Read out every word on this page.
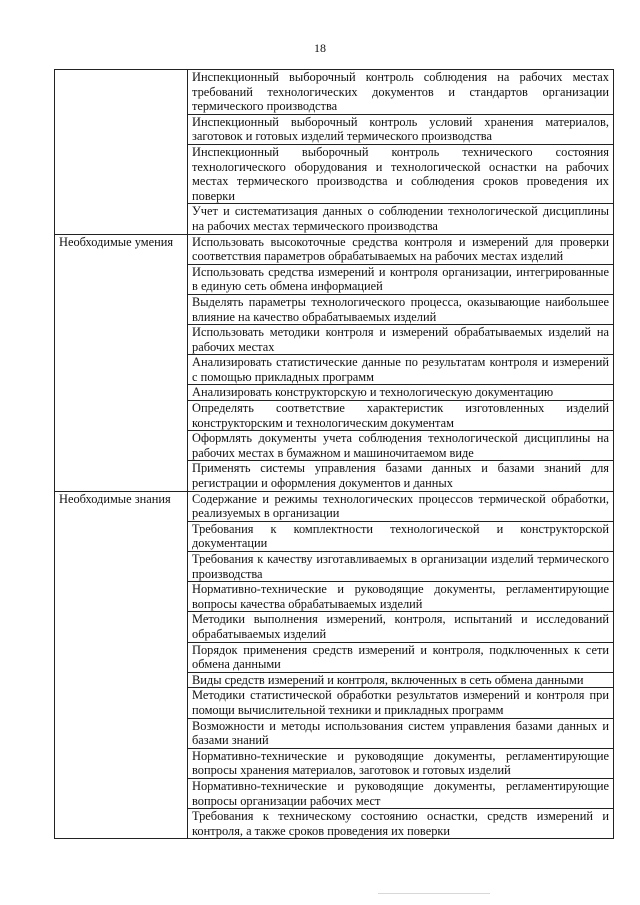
18
	Инспекционный выборочный контроль соблюдения на рабочих местах требований технологических документов и стандартов организации термического производства
	Инспекционный выборочный контроль условий хранения материалов, заготовок и готовых изделий термического производства
	Инспекционный выборочный контроль технического состояния технологического оборудования и технологической оснастки на рабочих местах термического производства и соблюдения сроков проведения их поверки
	Учет и систематизация данных о соблюдении технологической дисциплины на рабочих местах термического производства
Необходимые умения	Использовать высокоточные средства контроля и измерений для проверки соответствия параметров обрабатываемых на рабочих местах изделий
	Использовать средства измерений и контроля организации, интегрированные в единую сеть обмена информацией
	Выделять параметры технологического процесса, оказывающие наибольшее влияние на качество обрабатываемых изделий
	Использовать методики контроля и измерений обрабатываемых изделий на рабочих местах
	Анализировать статистические данные по результатам контроля и измерений с помощью прикладных программ
	Анализировать конструкторскую и технологическую документацию
	Определять соответствие характеристик изготовленных изделий конструкторским и технологическим документам
	Оформлять документы учета соблюдения технологической дисциплины на рабочих местах в бумажном и машиночитаемом виде
	Применять системы управления базами данных и базами знаний для регистрации и оформления документов и данных
Необходимые знания	Содержание и режимы технологических процессов термической обработки, реализуемых в организации
	Требования к комплектности технологической и конструкторской документации
	Требования к качеству изготавливаемых в организации изделий термического производства
	Нормативно-технические и руководящие документы, регламентирующие вопросы качества обрабатываемых изделий
	Методики выполнения измерений, контроля, испытаний и исследований обрабатываемых изделий
	Порядок применения средств измерений и контроля, подключенных к сети обмена данными
	Виды средств измерений и контроля, включенных в сеть обмена данными
	Методики статистической обработки результатов измерений и контроля при помощи вычислительной техники и прикладных программ
	Возможности и методы использования систем управления базами данных и базами знаний
	Нормативно-технические и руководящие документы, регламентирующие вопросы хранения материалов, заготовок и готовых изделий
	Нормативно-технические и руководящие документы, регламентирующие вопросы организации рабочих мест
	Требования к техническому состоянию оснастки, средств измерений и контроля, а также сроков проведения их поверки
